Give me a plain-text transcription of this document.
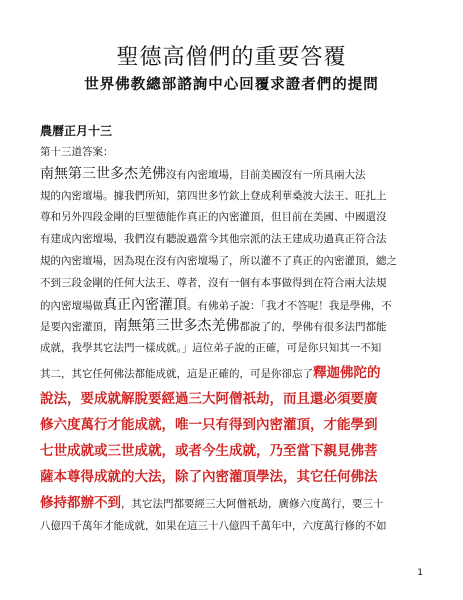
聖德高僧們的重要答覆
世界佛教總部諮詢中心回覆求證者們的提問
農曆正月十三
第十三道答案：
南無第三世多杰羌佛沒有內密壇場，目前美國沒有一所具兩大法
規的內密壇場。據我們所知，第四世多竹欽上登成利華桑波大法王、旺扎上
尊和另外四段金剛的巨聖德能作真正的內密灌頂，但目前在美國、中國還沒
有建成內密壇場，我們沒有聽說過當今其他宗派的法王建成功過真正符合法
規的內密壇場，因為現在沒有內密壇場了，所以灌不了真正的內密灌頂，總之
不到三段金剛的任何大法王、尊者，沒有一個有本事做得到在符合兩大法規
的內密壇場做真正內密灌頂。有佛弟子說：「我才不答呢！我是學佛，不
是要內密灌頂，南無第三世多杰羌佛都說了的，學佛有很多法門都能
成就，我學其它法門一樣成就。」這位弟子說的正確，可是你只知其一不知
其二，其它任何佛法都能成就，這是正確的，可是你卻忘了釋迦佛陀的
說法，要成就解脫要經過三大阿僧祇劫，而且還必須要廣
修六度萬行才能成就，唯一只有得到內密灌頂，才能學到
七世成就或三世成就，或者今生成就，乃至當下親見佛菩
薩本尊得成就的大法，除了內密灌頂學法，其它任何佛法
修持都辦不到，其它法門都要經三大阿僧祇劫，廣修六度萬行，要三十
八億四千萬年才能成就，如果在這三十八億四千萬年中，六度萬行修的不如
1
